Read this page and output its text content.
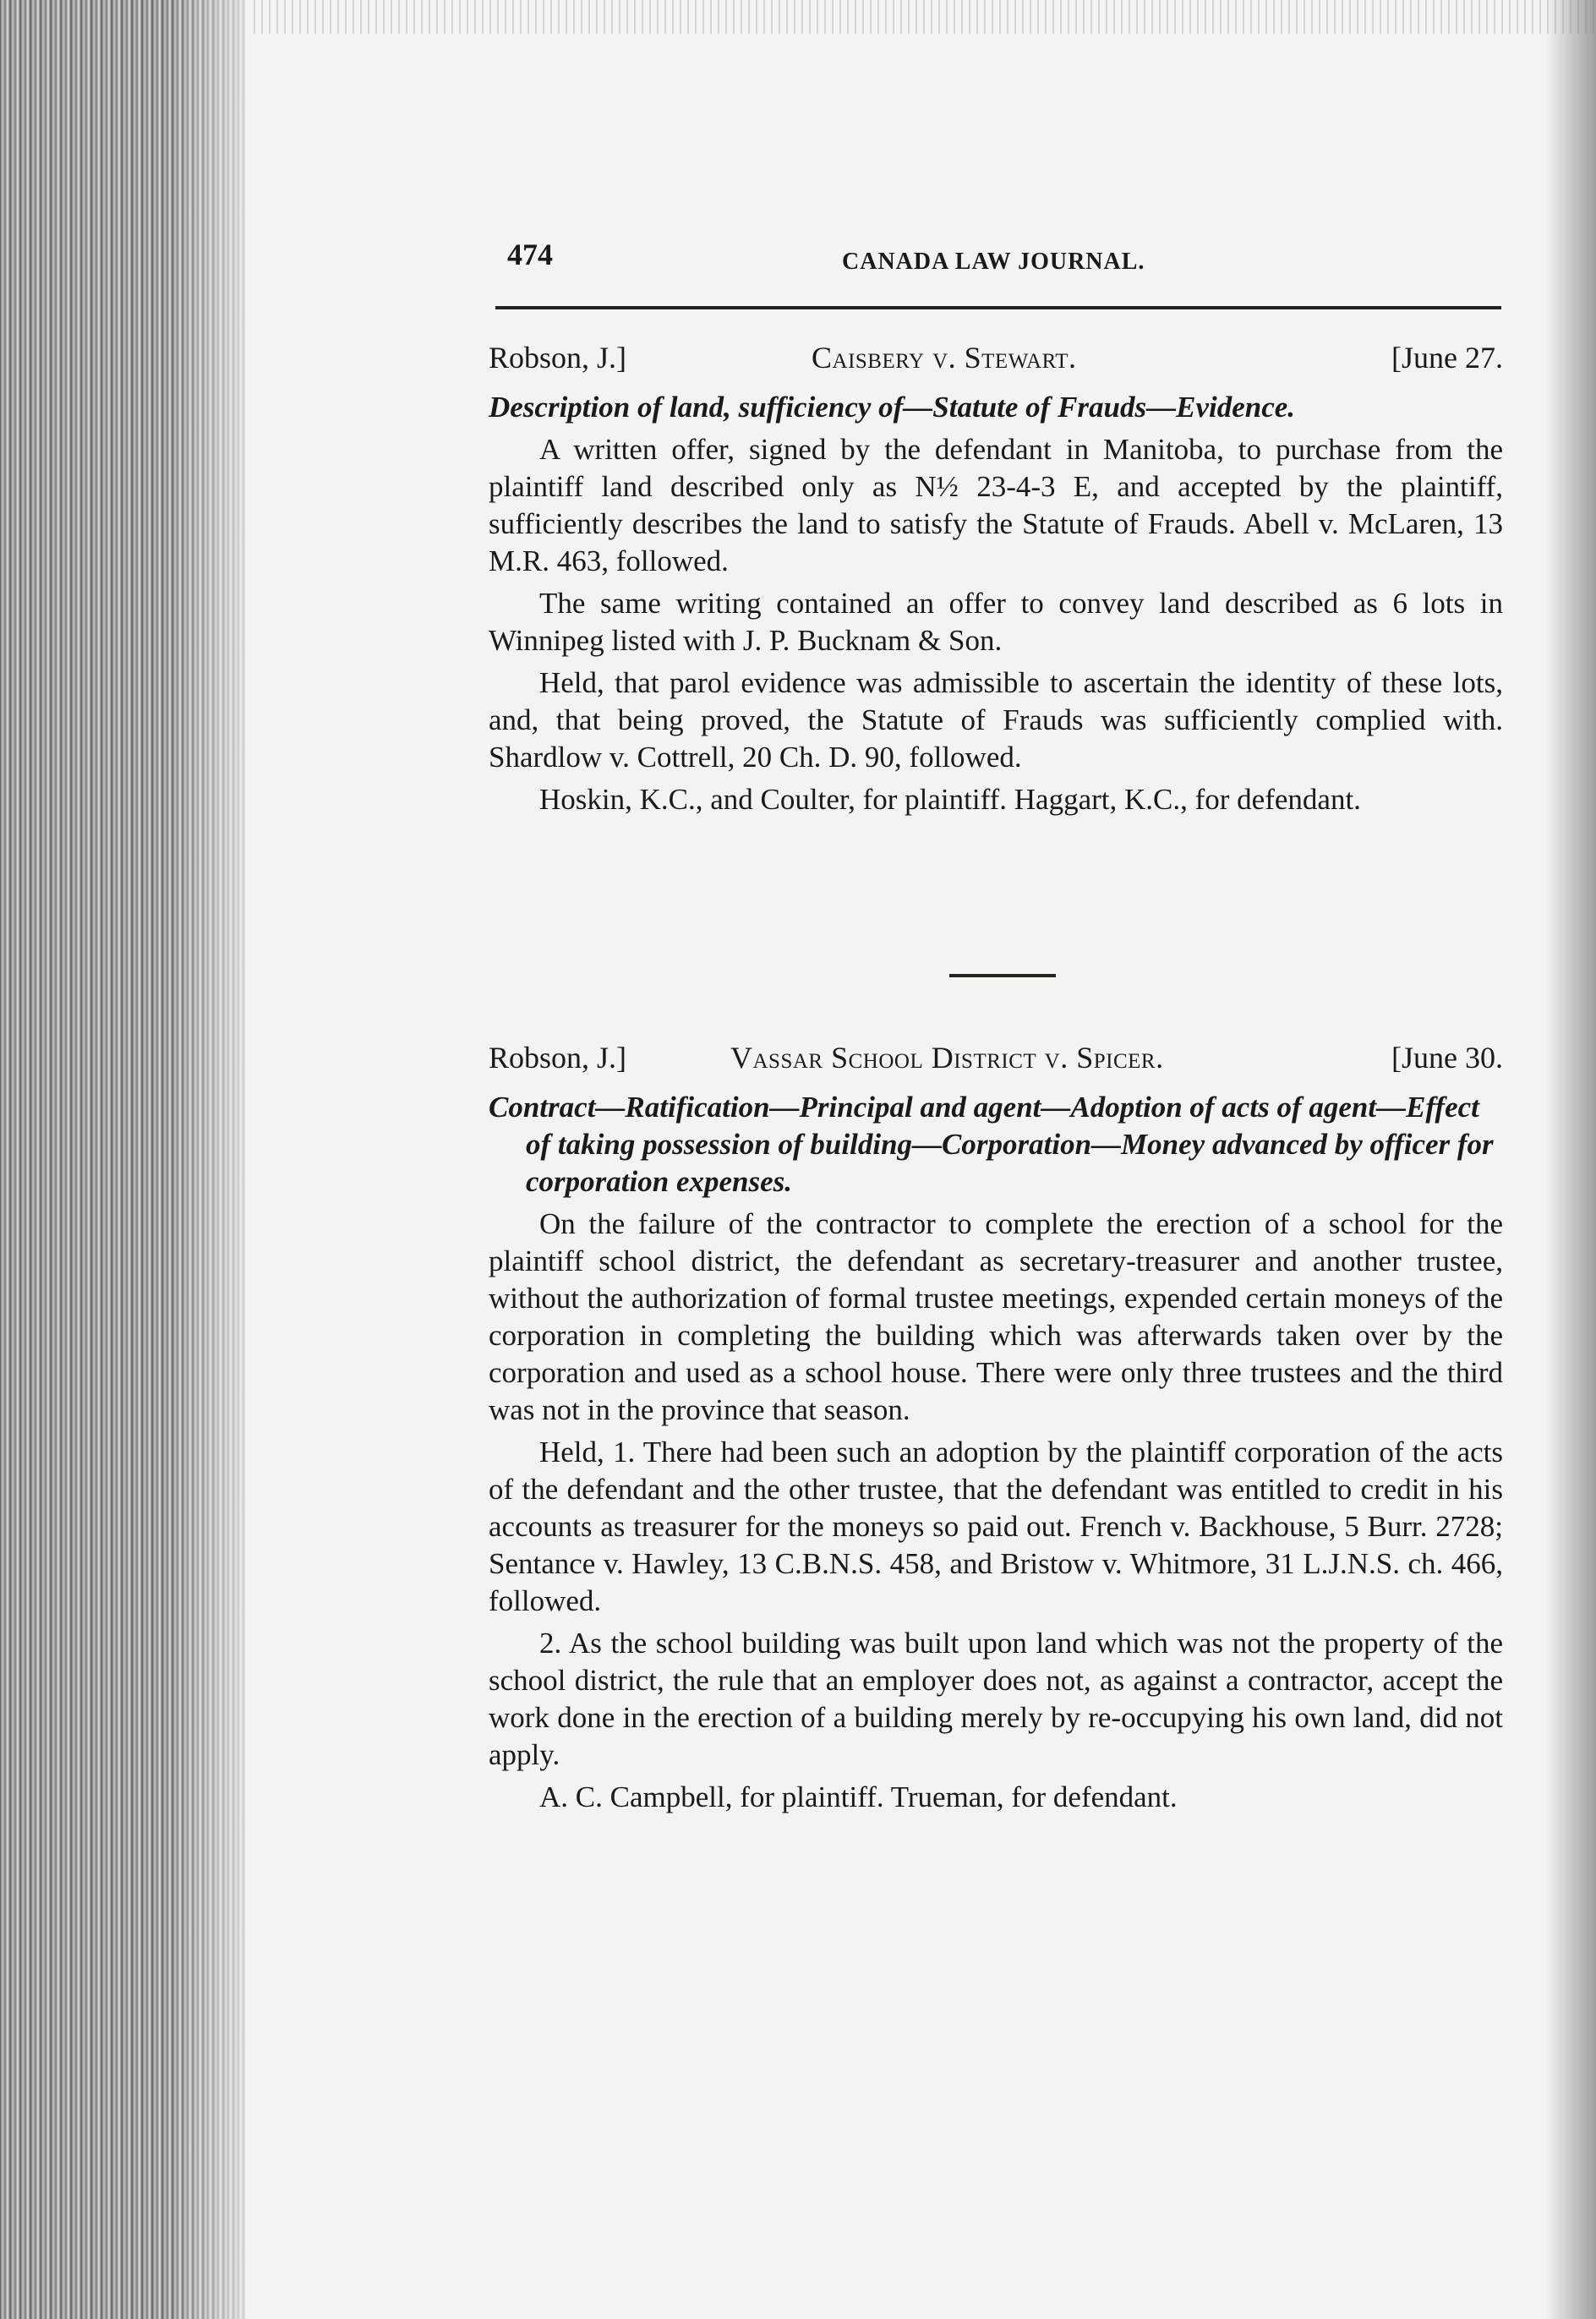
474	CANADA LAW JOURNAL.
Robson, J.]	Caisbery v. Stewart.	[June 27.
Description of land, sufficiency of—Statute of Frauds—Evidence.
A written offer, signed by the defendant in Manitoba, to purchase from the plaintiff land described only as N½ 23-4-3 E, and accepted by the plaintiff, sufficiently describes the land to satisfy the Statute of Frauds. Abell v. McLaren, 13 M.R. 463, followed.
The same writing contained an offer to convey land described as 6 lots in Winnipeg listed with J. P. Bucknam & Son.
Held, that parol evidence was admissible to ascertain the identity of these lots, and, that being proved, the Statute of Frauds was sufficiently complied with. Shardlow v. Cottrell, 20 Ch. D. 90, followed.
Hoskin, K.C., and Coulter, for plaintiff. Haggart, K.C., for defendant.
Robson, J.]	Vassar School District v. Spicer.	[June 30.
Contract—Ratification—Principal and agent—Adoption of acts of agent—Effect of taking possession of building—Corporation—Money advanced by officer for corporation expenses.
On the failure of the contractor to complete the erection of a school for the plaintiff school district, the defendant as secretary-treasurer and another trustee, without the authorization of formal trustee meetings, expended certain moneys of the corporation in completing the building which was afterwards taken over by the corporation and used as a school house. There were only three trustees and the third was not in the province that season.
Held, 1. There had been such an adoption by the plaintiff corporation of the acts of the defendant and the other trustee, that the defendant was entitled to credit in his accounts as treasurer for the moneys so paid out. French v. Backhouse, 5 Burr. 2728; Sentance v. Hawley, 13 C.B.N.S. 458, and Bristow v. Whitmore, 31 L.J.N.S. ch. 466, followed.
2. As the school building was built upon land which was not the property of the school district, the rule that an employer does not, as against a contractor, accept the work done in the erection of a building merely by re-occupying his own land, did not apply.
A. C. Campbell, for plaintiff. Trueman, for defendant.
